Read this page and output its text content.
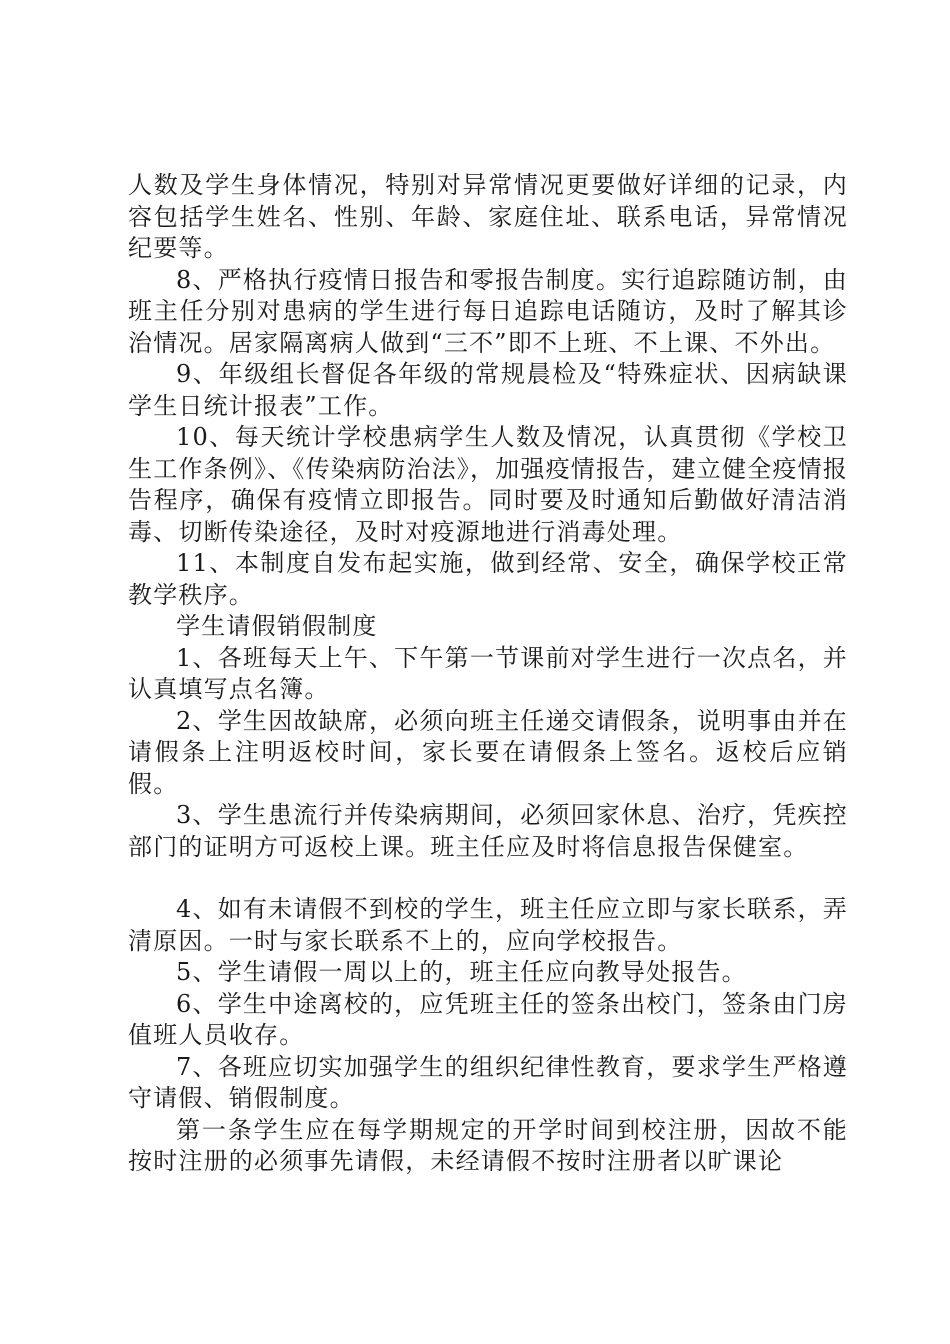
人数及学生身体情况，特别对异常情况更要做好详细的记录，内容包括学生姓名、性别、年龄、家庭住址、联系电话，异常情况纪要等。

8、严格执行疫情日报告和零报告制度。实行追踪随访制，由班主任分别对患病的学生进行每日追踪电话随访，及时了解其诊治情况。居家隔离病人做到“三不”即不上班、不上课、不外出。

9、年级组长督促各年级的常规晨检及“特殊症状、因病缺课学生日统计报表”工作。

10、每天统计学校患病学生人数及情况，认真贯彻《学校卫生工作条例》、《传染病防治法》，加强疫情报告，建立健全疫情报告程序，确保有疫情立即报告。同时要及时通知后勤做好清洁消毒、切断传染途径，及时对疫源地进行消毒处理。

11、本制度自发布起实施，做到经常、安全，确保学校正常教学秩序。

学生请假销假制度

1、各班每天上午、下午第一节课前对学生进行一次点名，并认真填写点名簿。

2、学生因故缺席，必须向班主任递交请假条，说明事由并在请假条上注明返校时间，家长要在请假条上签名。返校后应销假。

3、学生患流行并传染病期间，必须回家休息、治疗，凭疾控部门的证明方可返校上课。班主任应及时将信息报告保健室。

4、如有未请假不到校的学生，班主任应立即与家长联系，弄清原因。一时与家长联系不上的，应向学校报告。

5、学生请假一周以上的，班主任应向教导处报告。

6、学生中途离校的，应凭班主任的签条出校门，签条由门房值班人员收存。

7、各班应切实加强学生的组织纪律性教育，要求学生严格遵守请假、销假制度。

第一条学生应在每学期规定的开学时间到校注册，因故不能按时注册的必须事先请假，未经请假不按时注册者以旷课论
